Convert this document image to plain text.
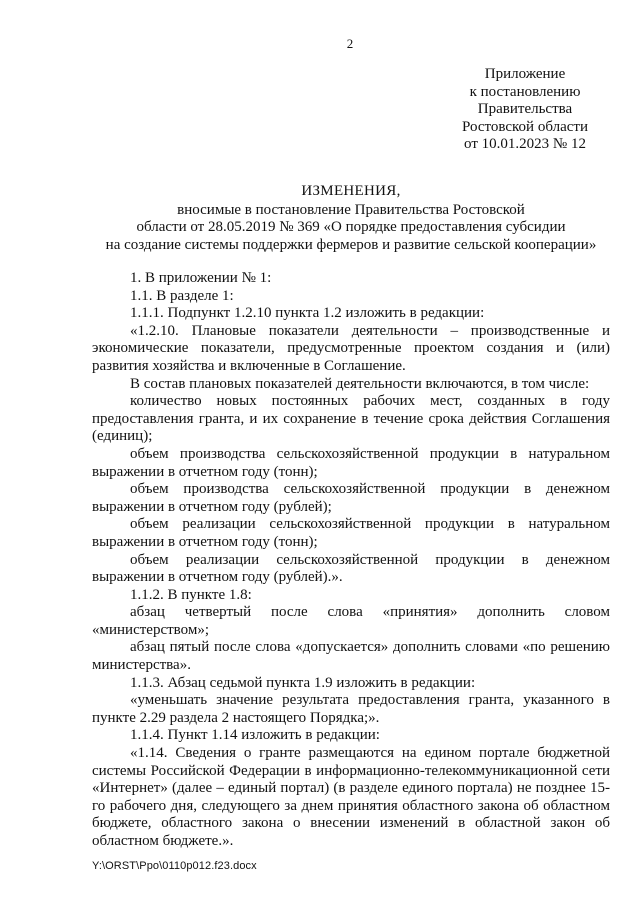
2
Приложение
к постановлению
Правительства
Ростовской области
от 10.01.2023 № 12
ИЗМЕНЕНИЯ,
вносимые в постановление Правительства Ростовской
области от 28.05.2019 № 369 «О порядке предоставления субсидии
на создание системы поддержки фермеров и развитие сельской кооперации»

1. В приложении № 1:

1.1. В разделе 1:

1.1.1. Подпункт 1.2.10 пункта 1.2 изложить в редакции:

«1.2.10. Плановые показатели деятельности – производственные и экономические показатели, предусмотренные проектом создания и (или) развития хозяйства и включенные в Соглашение.

В состав плановых показателей деятельности включаются, в том числе:

количество новых постоянных рабочих мест, созданных в году предоставления гранта, и их сохранение в течение срока действия Соглашения (единиц);

объем производства сельскохозяйственной продукции в натуральном выражении в отчетном году (тонн);

объем производства сельскохозяйственной продукции в денежном выражении в отчетном году (рублей);

объем реализации сельскохозяйственной продукции в натуральном выражении в отчетном году (тонн);

объем реализации сельскохозяйственной продукции в денежном выражении в отчетном году (рублей).».

1.1.2. В пункте 1.8:

абзац четвертый после слова «принятия» дополнить словом «министерством»;

абзац пятый после слова «допускается» дополнить словами «по решению министерства».

1.1.3. Абзац седьмой пункта 1.9 изложить в редакции:

«уменьшать значение результата предоставления гранта, указанного в пункте 2.29 раздела 2 настоящего Порядка;».

1.1.4. Пункт 1.14 изложить в редакции:

«1.14. Сведения о гранте размещаются на едином портале бюджетной системы Российской Федерации в информационно-телекоммуникационной сети «Интернет» (далее – единый портал) (в разделе единого портала) не позднее 15-го рабочего дня, следующего за днем принятия областного закона об областном бюджете, областного закона о внесении изменений в областной закон об областном бюджете.».

Y:\ORST\Ppo\0110p012.f23.docx
